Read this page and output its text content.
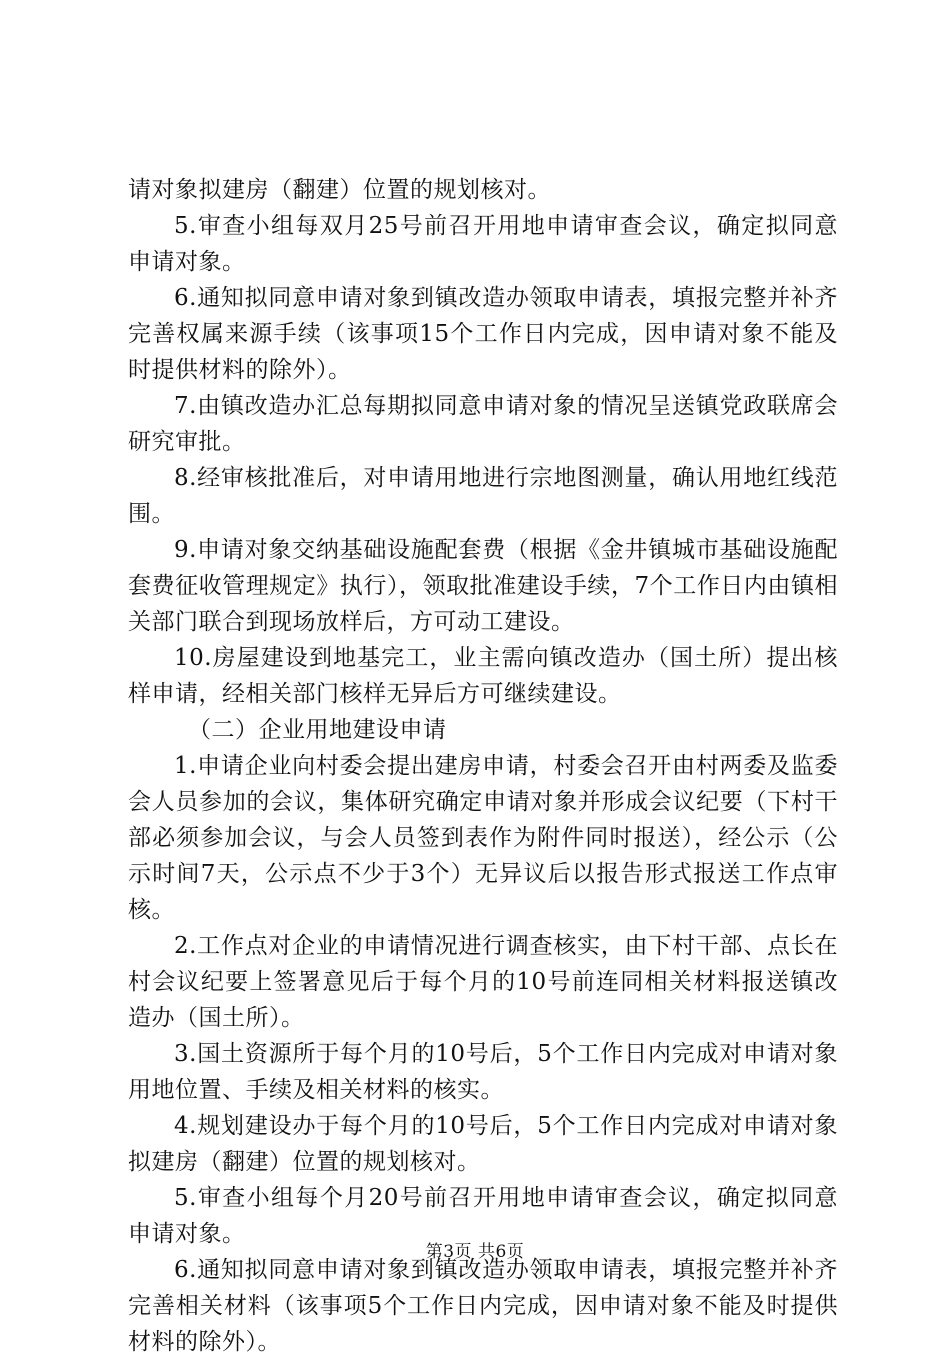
请对象拟建房（翻建）位置的规划核对。

5.审查小组每双月25号前召开用地申请审查会议，确定拟同意申请对象。

6.通知拟同意申请对象到镇改造办领取申请表，填报完整并补齐完善权属来源手续（该事项15个工作日内完成，因申请对象不能及时提供材料的除外）。

7.由镇改造办汇总每期拟同意申请对象的情况呈送镇党政联席会研究审批。

8.经审核批准后，对申请用地进行宗地图测量，确认用地红线范围。

9.申请对象交纳基础设施配套费（根据《金井镇城市基础设施配套费征收管理规定》执行），领取批准建设手续，7个工作日内由镇相关部门联合到现场放样后，方可动工建设。

10.房屋建设到地基完工，业主需向镇改造办（国土所）提出核样申请，经相关部门核样无异后方可继续建设。

（二）企业用地建设申请

1.申请企业向村委会提出建房申请，村委会召开由村两委及监委会人员参加的会议，集体研究确定申请对象并形成会议纪要（下村干部必须参加会议，与会人员签到表作为附件同时报送），经公示（公示时间7天，公示点不少于3个）无异议后以报告形式报送工作点审核。

2.工作点对企业的申请情况进行调查核实，由下村干部、点长在村会议纪要上签署意见后于每个月的10号前连同相关材料报送镇改造办（国土所）。

3.国土资源所于每个月的10号后，5个工作日内完成对申请对象用地位置、手续及相关材料的核实。

4.规划建设办于每个月的10号后，5个工作日内完成对申请对象拟建房（翻建）位置的规划核对。

5.审查小组每个月20号前召开用地申请审查会议，确定拟同意申请对象。

6.通知拟同意申请对象到镇改造办领取申请表，填报完整并补齐完善相关材料（该事项5个工作日内完成，因申请对象不能及时提供材料的除外）。

第3页 共6页
